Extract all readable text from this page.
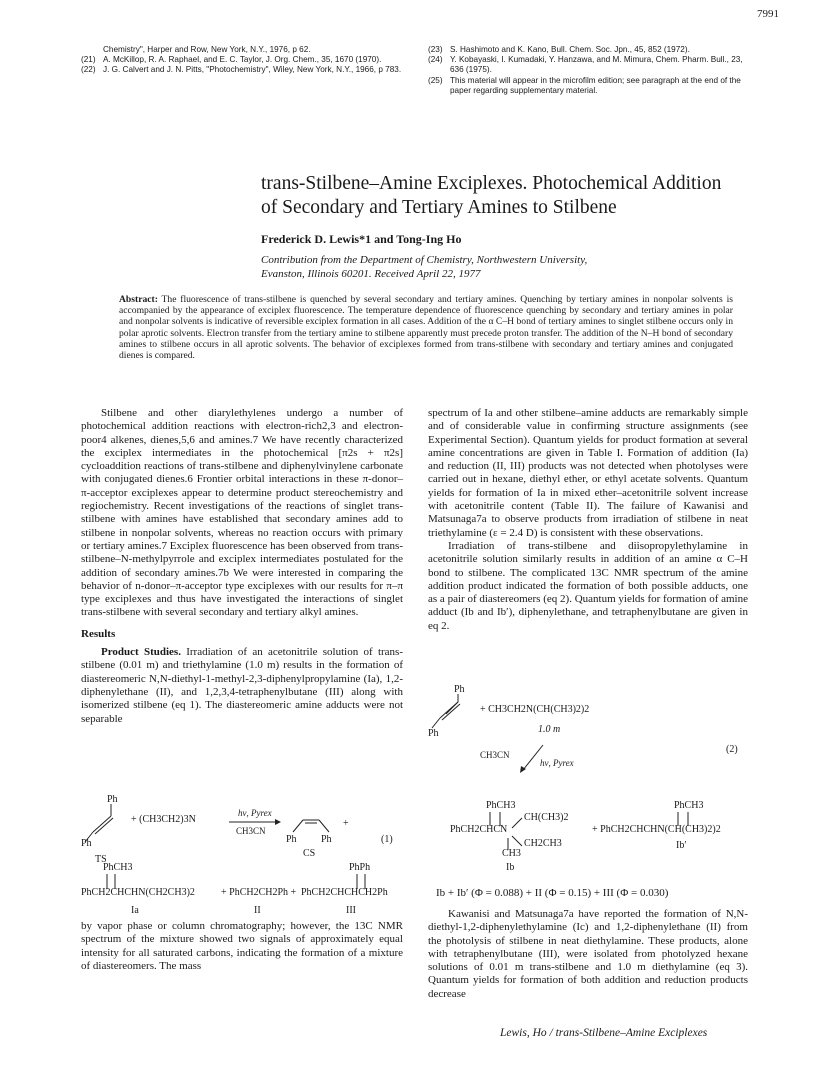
7991
Chemistry", Harper and Row, New York, N.Y., 1976, p 62.
(21) A. McKillop, R. A. Raphael, and E. C. Taylor, J. Org. Chem., 35, 1670 (1970).
(22) J. G. Calvert and J. N. Pitts, "Photochemistry", Wiley, New York, N.Y., 1966, p 783.
(23) S. Hashimoto and K. Kano, Bull. Chem. Soc. Jpn., 45, 852 (1972).
(24) Y. Kobayaski, I. Kumadaki, Y. Hanzawa, and M. Mimura, Chem. Pharm. Bull., 23, 636 (1975).
(25) This material will appear in the microfilm edition; see paragraph at the end of the paper regarding supplementary material.
trans-Stilbene–Amine Exciplexes. Photochemical Addition
of Secondary and Tertiary Amines to Stilbene
Frederick D. Lewis*1 and Tong-Ing Ho
Contribution from the Department of Chemistry, Northwestern University,
Evanston, Illinois 60201. Received April 22, 1977
Abstract: The fluorescence of trans-stilbene is quenched by several secondary and tertiary amines. Quenching by tertiary amines in nonpolar solvents is accompanied by the appearance of exciplex fluorescence. The temperature dependence of fluorescence quenching by secondary and tertiary amines in polar and nonpolar solvents is indicative of reversible exciplex formation in all cases. Addition of the α C–H bond of tertiary amines to singlet stilbene occurs only in polar aprotic solvents. Electron transfer from the tertiary amine to stilbene apparently must precede proton transfer. The addition of the N–H bond of secondary amines to stilbene occurs in all aprotic solvents. The behavior of exciplexes formed from trans-stilbene with secondary and tertiary amines and conjugated dienes is compared.

Stilbene and other diarylethylenes undergo a number of photochemical addition reactions with electron-rich2,3 and electron-poor4 alkenes, dienes,5,6 and amines.7 We have recently characterized the exciplex intermediates in the photochemical [π2s + π2s] cycloaddition reactions of trans-stilbene and diphenylvinylene carbonate with conjugated dienes.6 Frontier orbital interactions in these π-donor–π-acceptor exciplexes appear to determine product stereochemistry and regiochemistry. Recent investigations of the reactions of singlet trans-stilbene with amines have established that secondary amines add to stilbene in nonpolar solvents, whereas no reaction occurs with primary or tertiary amines.7 Exciplex fluorescence has been observed from trans-stilbene–N-methylpyrrole and exciplex intermediates postulated for the addition of secondary amines.7b We were interested in comparing the behavior of n-donor–π-acceptor type exciplexes with our results for π–π type exciplexes and thus have investigated the interactions of singlet trans-stilbene with several secondary and tertiary alkyl amines.

Results

Product Studies. Irradiation of an acetonitrile solution of trans-stilbene (0.01 m) and triethylamine (1.0 m) results in the formation of diastereomeric N,N-diethyl-1-methyl-2,3-diphenylpropylamine (Ia), 1,2-diphenylethane (II), and 1,2,3,4-tetraphenylbutane (III) along with isomerized stilbene (eq 1). The diastereomeric amine adducts were not separable

Ph
Ph
+ (CH3CH2)3N
hν, Pyrex
CH3CN
Ph Ph
+
(1)
TS
CS
PhCH3
PhCH2CHCHN(CH2CH3)2	+ PhCH2CH2Ph +
PhPh
PhCH2CHCHCH2Ph
Ia	II	III

by vapor phase or column chromatography; however, the 13C NMR spectrum of the mixture showed two signals of approximately equal intensity for all saturated carbons, indicating the formation of a mixture of diastereomers. The mass

spectrum of Ia and other stilbene–amine adducts are remarkably simple and of considerable value in confirming structure assignments (see Experimental Section). Quantum yields for product formation at several amine concentrations are given in Table I. Formation of addition (Ia) and reduction (II, III) products was not detected when photolyses were carried out in hexane, diethyl ether, or ethyl acetate solvents. Quantum yields for formation of Ia in mixed ether–acetonitrile solvent increase with acetonitrile content (Table II). The failure of Kawanisi and Matsunaga7a to observe products from irradiation of stilbene in neat triethylamine (ε = 2.4 D) is consistent with these observations.

Irradiation of trans-stilbene and diisopropylethylamine in acetonitrile solution similarly results in addition of an amine α C–H bond to stilbene. The complicated 13C NMR spectrum of the amine addition product indicated the formation of both possible adducts, one as a pair of diastereomers (eq 2). Quantum yields for formation of amine adduct (Ib and Ib′), diphenylethane, and tetraphenylbutane are given in eq 2.

Ph
Ph
+ CH3CH2N(CH(CH3)2)2
1.0 m
CH3CN
hν, Pyrex
(2)
PhCH3
CH(CH3)2
PhCH2CHCN
CH2CH3
CH3
PhCH3
+ PhCH2CHCHN(CH(CH3)2)2
Ib
Ib′
Ib + Ib′ (Φ = 0.088) + II (Φ = 0.15) + III (Φ = 0.030)

Kawanisi and Matsunaga7a have reported the formation of N,N-diethyl-1,2-diphenylethylamine (Ic) and 1,2-diphenylethane (II) from the photolysis of stilbene in neat diethylamine. These products, alone with tetraphenylbutane (III), were isolated from photolyzed hexane solutions of 0.01 m trans-stilbene and 1.0 m diethylamine (eq 3). Quantum yields for formation of both addition and reduction products decrease

Lewis, Ho / trans-Stilbene–Amine Exciplexes
